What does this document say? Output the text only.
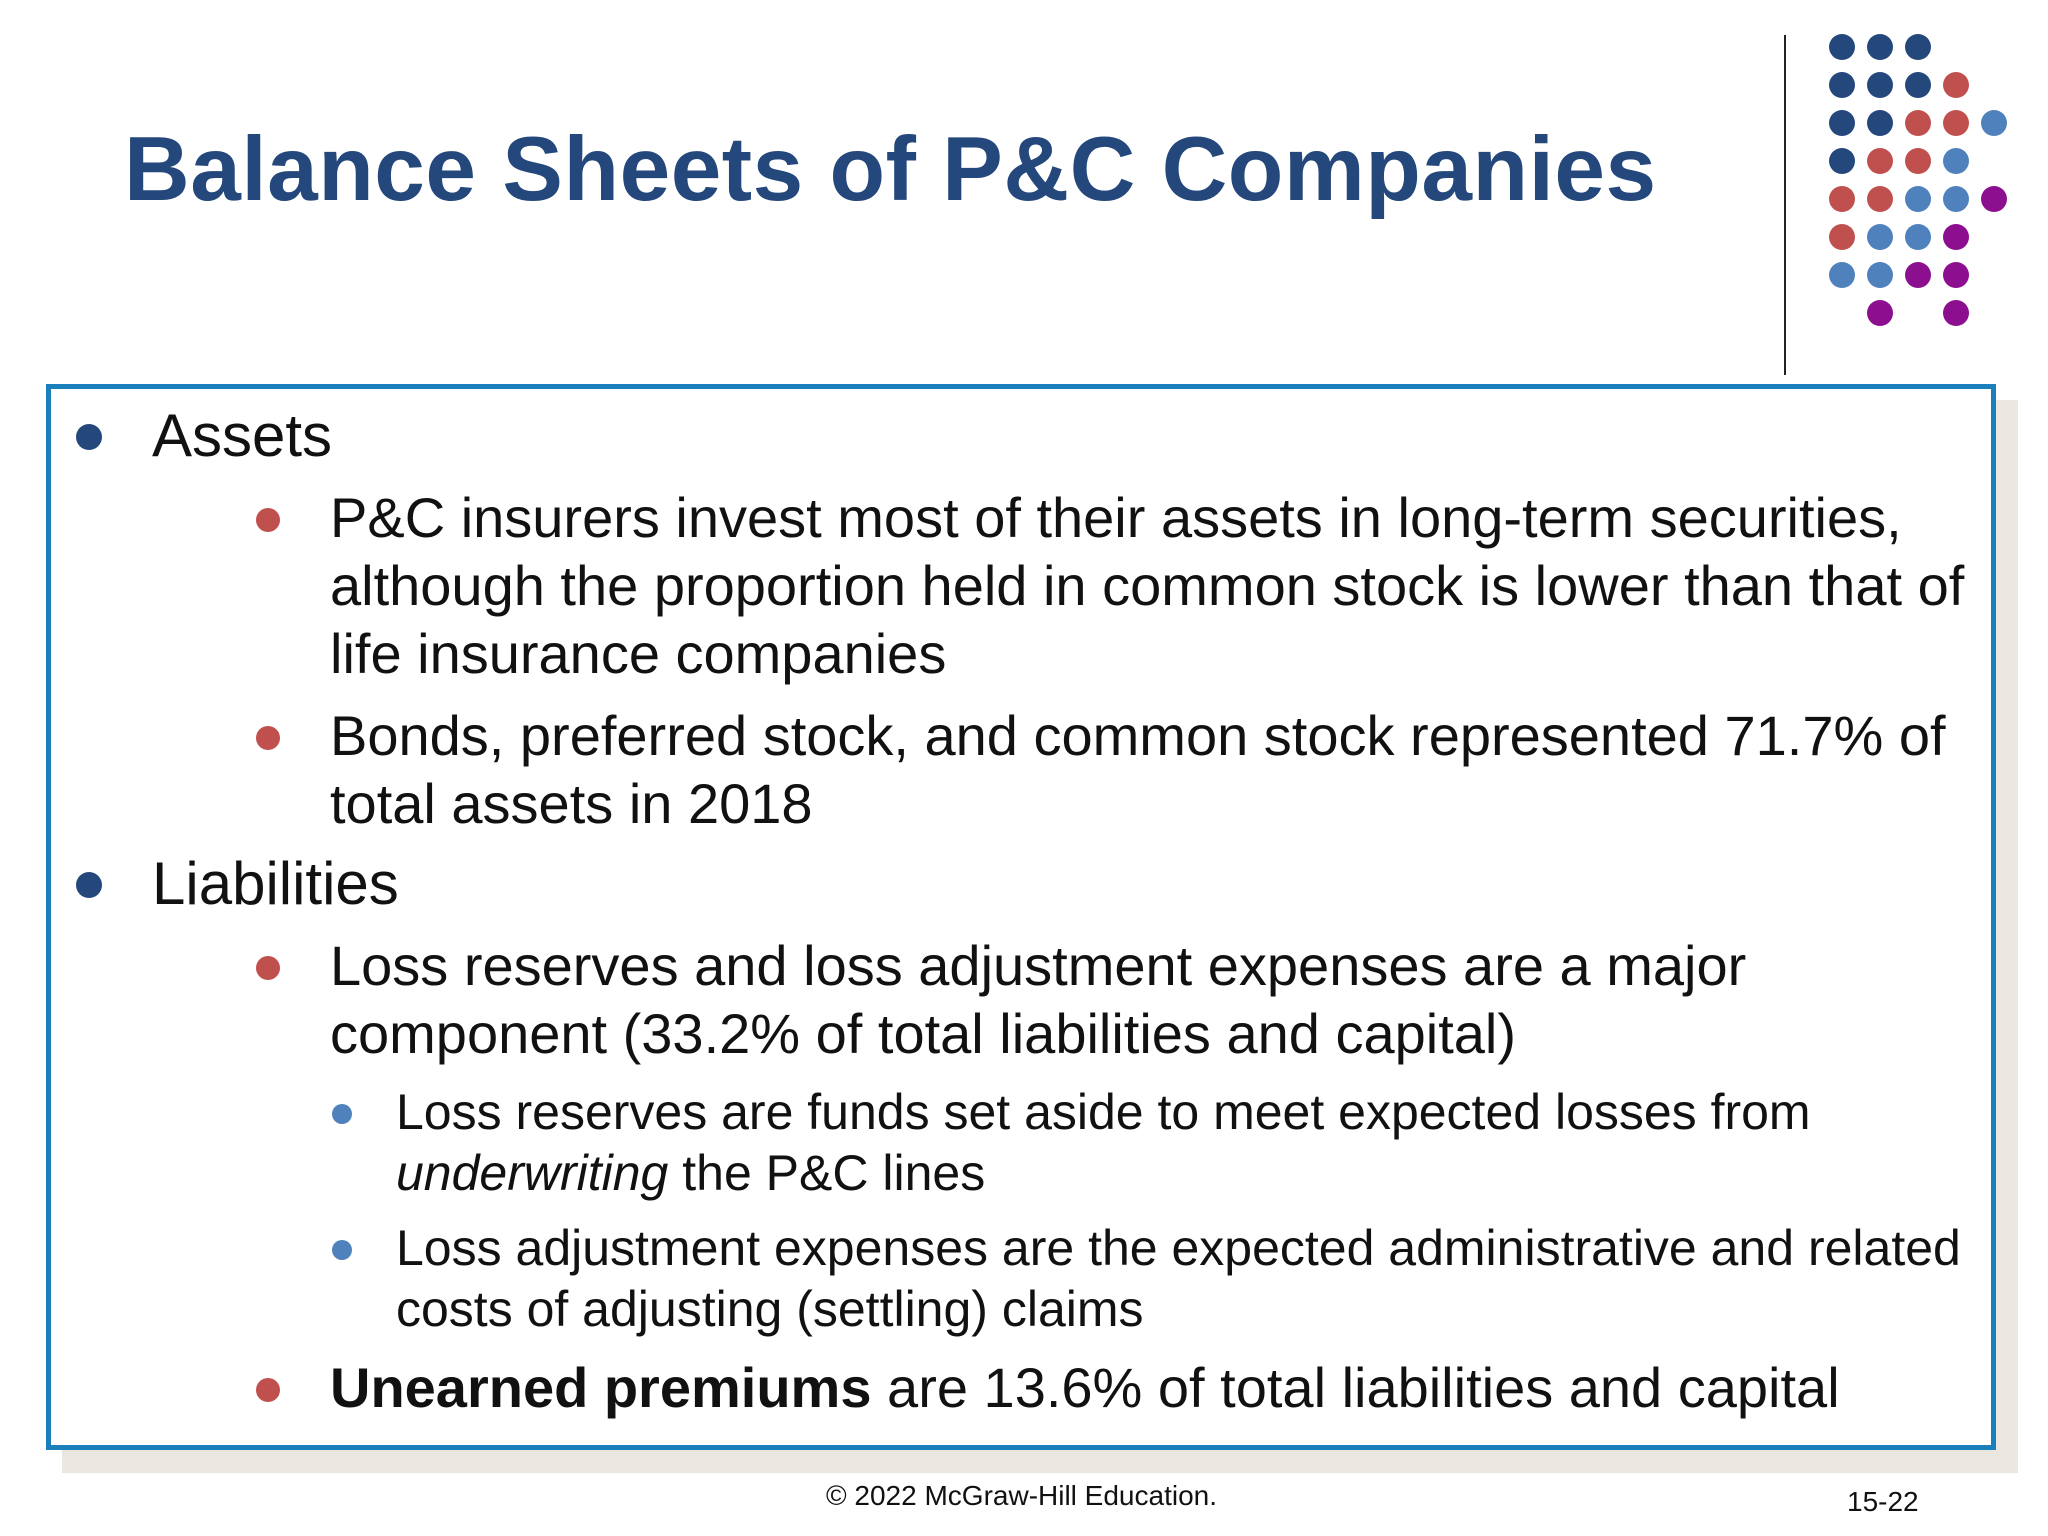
Balance Sheets of P&C Companies
Assets
P&C insurers invest most of their assets in long-term securities, although the proportion held in common stock is lower than that of life insurance companies
Bonds, preferred stock, and common stock represented 71.7% of total assets in 2018
Liabilities
Loss reserves and loss adjustment expenses are a major component (33.2% of total liabilities and capital)
Loss reserves are funds set aside to meet expected losses from underwriting the P&C lines
Loss adjustment expenses are the expected administrative and related costs of adjusting (settling) claims
Unearned premiums are 13.6% of total liabilities and capital
© 2022 McGraw-Hill Education.	15-22
